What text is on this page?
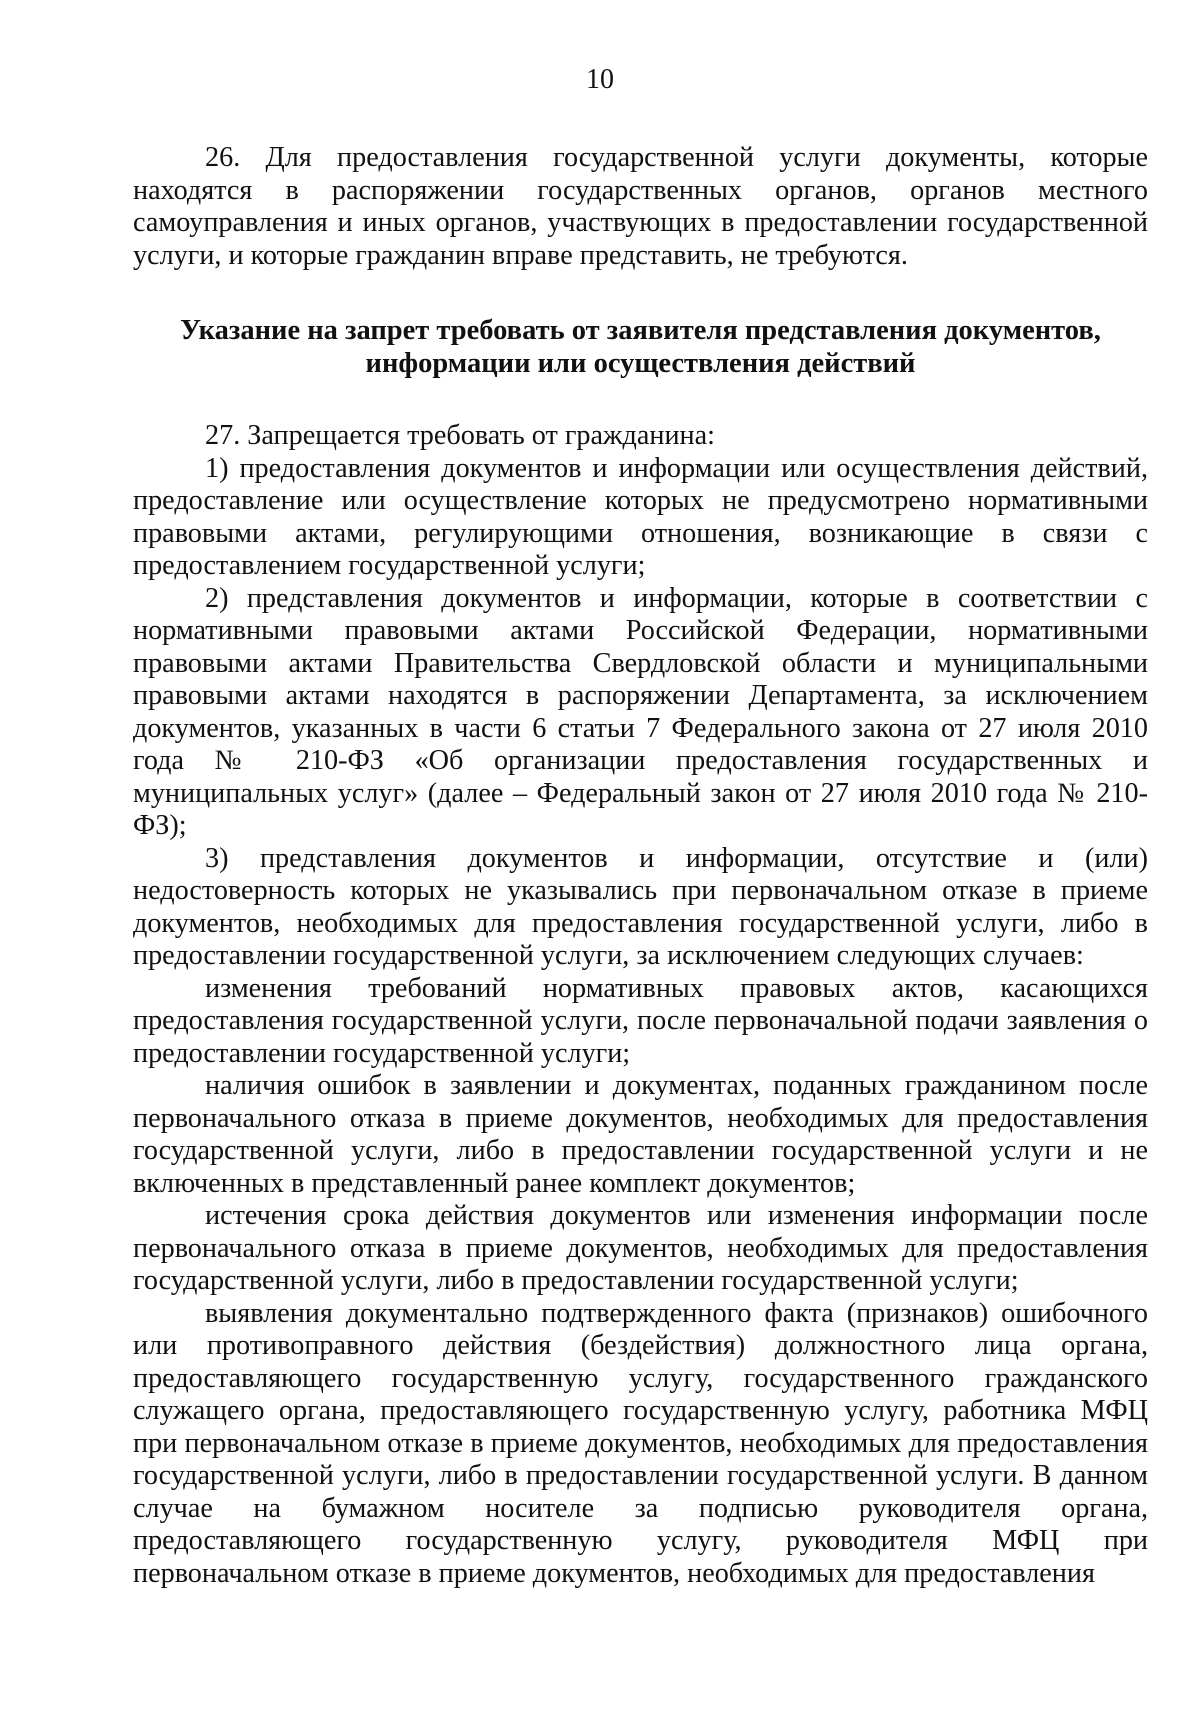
10

26. Для предоставления государственной услуги документы, которые находятся в распоряжении государственных органов, органов местного самоуправления и иных органов, участвующих в предоставлении государственной услуги, и которые гражданин вправе представить, не требуются.

Указание на запрет требовать от заявителя представления документов,
информации или осуществления действий

27. Запрещается требовать от гражданина:

1) предоставления документов и информации или осуществления действий, предоставление или осуществление которых не предусмотрено нормативными правовыми актами, регулирующими отношения, возникающие в связи с предоставлением государственной услуги;

2) представления документов и информации, которые в соответствии с нормативными правовыми актами Российской Федерации, нормативными правовыми актами Правительства Свердловской области и муниципальными правовыми актами находятся в распоряжении Департамента, за исключением документов, указанных в части 6 статьи 7 Федерального закона от 27 июля 2010 года № 210-ФЗ «Об организации предоставления государственных и муниципальных услуг» (далее – Федеральный закон от 27 июля 2010 года № 210-ФЗ);

3) представления документов и информации, отсутствие и (или) недостоверность которых не указывались при первоначальном отказе в приеме документов, необходимых для предоставления государственной услуги, либо в предоставлении государственной услуги, за исключением следующих случаев:

изменения требований нормативных правовых актов, касающихся предоставления государственной услуги, после первоначальной подачи заявления о предоставлении государственной услуги;

наличия ошибок в заявлении и документах, поданных гражданином после первоначального отказа в приеме документов, необходимых для предоставления государственной услуги, либо в предоставлении государственной услуги и не включенных в представленный ранее комплект документов;

истечения срока действия документов или изменения информации после первоначального отказа в приеме документов, необходимых для предоставления государственной услуги, либо в предоставлении государственной услуги;

выявления документально подтвержденного факта (признаков) ошибочного или противоправного действия (бездействия) должностного лица органа, предоставляющего государственную услугу, государственного гражданского служащего органа, предоставляющего государственную услугу, работника МФЦ при первоначальном отказе в приеме документов, необходимых для предоставления государственной услуги, либо в предоставлении государственной услуги. В данном случае на бумажном носителе за подписью руководителя органа, предоставляющего государственную услугу, руководителя МФЦ при первоначальном отказе в приеме документов, необходимых для предоставления
